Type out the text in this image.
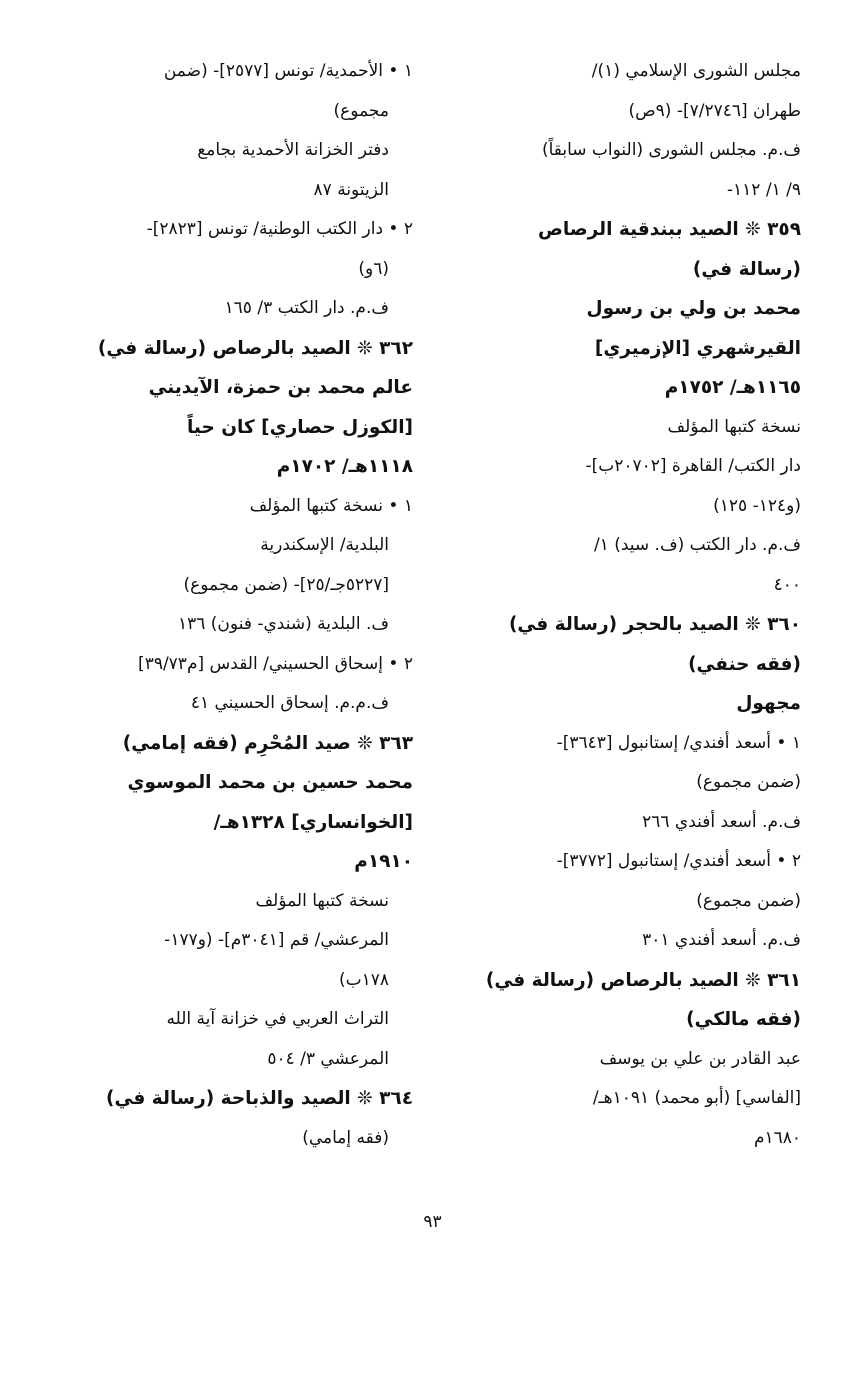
مجلس الشورى الإسلامي (١)/
طهران [٧/٢٧٤٦]- (٩ص)
ف.م. مجلس الشورى (النواب سابقاً)
٩/ ١/ ١١٢-
٣٥٩ ❊ الصيد ببندقية الرصاص
(رسالة في)
محمد بن ولي بن رسول
القيرشهري [الإزميري]
١١٦٥هـ/ ١٧٥٢م
نسخة كتبها المؤلف
دار الكتب/ القاهرة [٢٠٧٠٢ب]-
(و١٢٤- ١٢٥)
ف.م. دار الكتب (ف. سيد) ١/
٤٠٠
٣٦٠ ❊ الصيد بالحجر (رسالة في)
(فقه حنفي)
مجهول
١ • أسعد أفندي/ إستانبول [٣٦٤٣]-
(ضمن مجموع)
ف.م. أسعد أفندي ٢٦٦
٢ • أسعد أفندي/ إستانبول [٣٧٧٢]-
(ضمن مجموع)
ف.م. أسعد أفندي ٣٠١
٣٦١ ❊ الصيد بالرصاص (رسالة في)
(فقه مالكي)
عبد القادر بن علي بن يوسف
[الفاسي] (أبو محمد) ١٠٩١هـ/
١٦٨٠م
١ • الأحمدية/ تونس [٢٥٧٧]- (ضمن
مجموع)
دفتر الخزانة الأحمدية بجامع
الزيتونة ٨٧
٢ • دار الكتب الوطنية/ تونس [٢٨٢٣]-
(٦و)
ف.م. دار الكتب ٣/ ١٦٥
٣٦٢ ❊ الصيد بالرصاص (رسالة في)
عالم محمد بن حمزة، الآيديني
[الكوزل حصاري] كان حياً
١١١٨هـ/ ١٧٠٢م
١ • نسخة كتبها المؤلف
البلدية/ الإسكندرية
[٥٢٢٧جـ/٢٥]- (ضمن مجموع)
ف. البلدية (شندي- فنون) ١٣٦
٢ • إسحاق الحسيني/ القدس [م٣٩/٧٣]
ف.م.م. إسحاق الحسيني ٤١
٣٦٣ ❊ صيد المُحْرِم (فقه إمامي)
محمد حسين بن محمد الموسوي
[الخوانساري] ١٣٢٨هـ/
١٩١٠م
نسخة كتبها المؤلف
المرعشي/ قم [٣٠٤١م]- (و١٧٧-
١٧٨ب)
التراث العربي في خزانة آية الله
المرعشي ٣/ ٥٠٤
٣٦٤ ❊ الصيد والذباحة (رسالة في)
(فقه إمامي)
٩٣
